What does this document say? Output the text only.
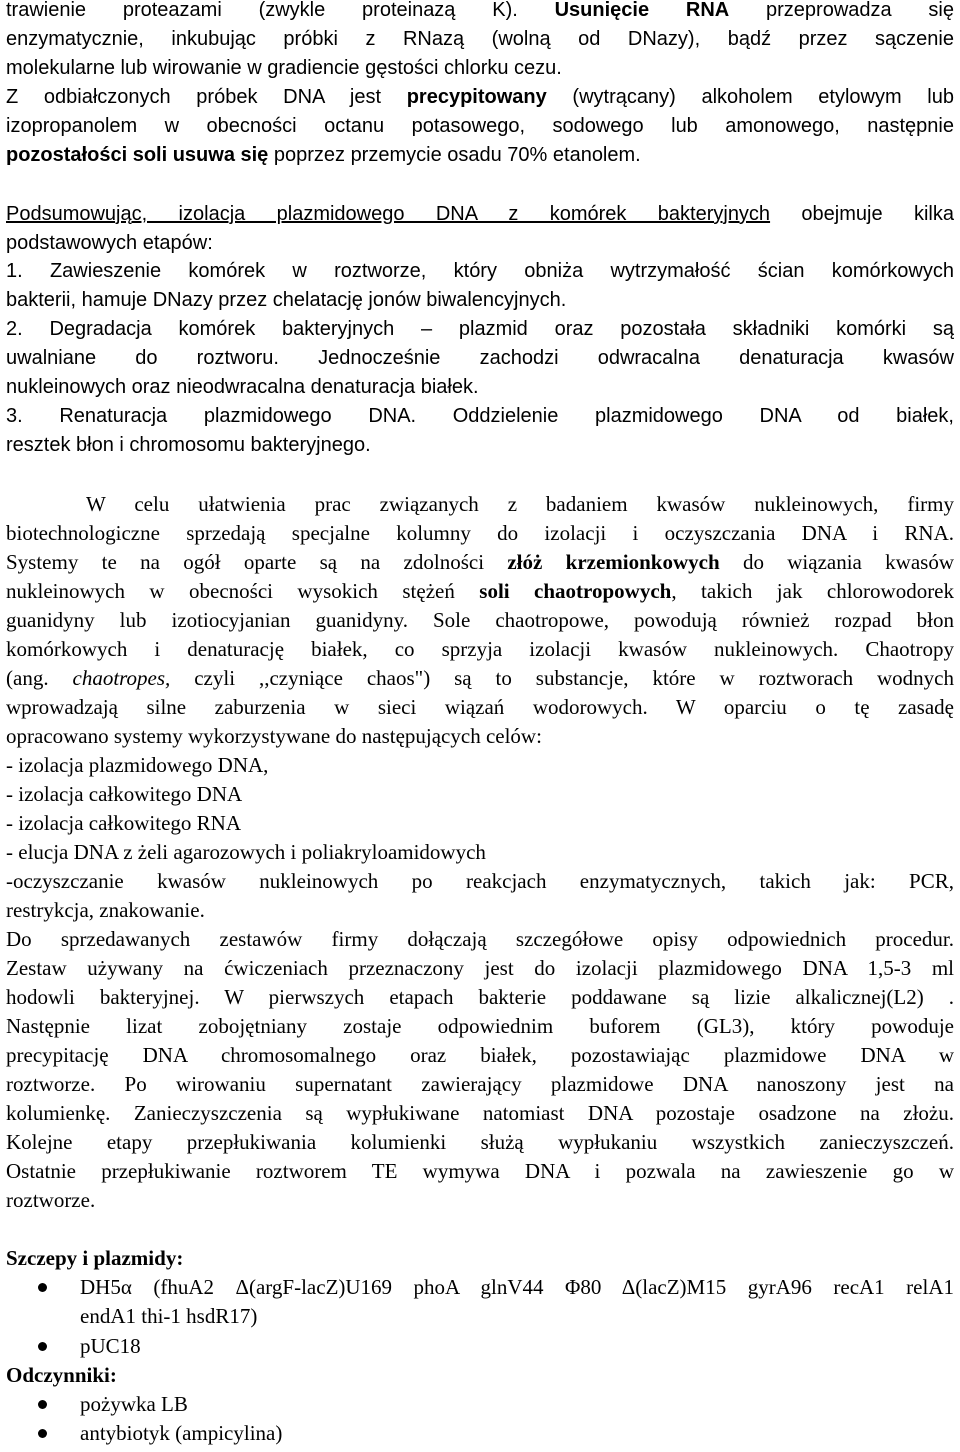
trawienie proteazami (zwykle proteinazą K). Usunięcie RNA przeprowadza się
enzymatycznie, inkubując próbki z RNazą (wolną od DNazy), bądź przez sączenie
molekularne lub wirowanie w gradiencie gęstości chlorku cezu.
Z odbiałczonych próbek DNA jest precypitowany (wytrącany) alkoholem etylowym lub
izopropanolem w obecności octanu potasowego, sodowego lub amonowego, następnie
pozostałości soli usuwa się poprzez przemycie osadu 70% etanolem.
Podsumowując, izolacja plazmidowego DNA z komórek bakteryjnych obejmuje kilka
podstawowych etapów:
1. Zawieszenie komórek w roztworze, który obniża wytrzymałość ścian komórkowych
bakterii, hamuje DNazy przez chelatację jonów biwalencyjnych.
2. Degradacja komórek bakteryjnych – plazmid oraz pozostała składniki komórki są
uwalniane do roztworu. Jednocześnie zachodzi odwracalna denaturacja kwasów
nukleinowych oraz nieodwracalna denaturacja białek.
3. Renaturacja plazmidowego DNA. Oddzielenie plazmidowego DNA od białek,
resztek błon i chromosomu bakteryjnego.
W celu ułatwienia prac związanych z badaniem kwasów nukleinowych, firmy
biotechnologiczne sprzedają specjalne kolumny do izolacji i oczyszczania DNA i RNA.
Systemy te na ogół oparte są na zdolności złóż krzemionkowych do wiązania kwasów
nukleinowych w obecności wysokich stężeń soli chaotropowych, takich jak chlorowodorek
guanidyny lub izotiocyjanian guanidyny. Sole chaotropowe, powodują również rozpad błon
komórkowych i denaturację białek, co sprzyja izolacji kwasów nukleinowych. Chaotropy
(ang. chaotropes, czyli ,,czyniące chaos") są to substancje, które w roztworach wodnych
wprowadzają silne zaburzenia w sieci wiązań wodorowych. W oparciu o tę zasadę
opracowano systemy wykorzystywane do następujących celów:
- izolacja plazmidowego DNA,
- izolacja całkowitego DNA
- izolacja całkowitego RNA
- elucja DNA z żeli agarozowych i poliakryloamidowych
-oczyszczanie kwasów nukleinowych po reakcjach enzymatycznych, takich jak: PCR,
restrykcja, znakowanie.
Do sprzedawanych zestawów firmy dołączają szczegółowe opisy odpowiednich procedur.
Zestaw używany na ćwiczeniach przeznaczony jest do izolacji plazmidowego DNA 1,5-3 ml
hodowli bakteryjnej. W pierwszych etapach bakterie poddawane są lizie alkalicznej(L2) .
Następnie lizat zobojętniany zostaje odpowiednim buforem (GL3), który powoduje
precypitację DNA chromosomalnego oraz białek, pozostawiając plazmidowe DNA w
roztworze. Po wirowaniu supernatant zawierający plazmidowe DNA nanoszony jest na
kolumienkę. Zanieczyszczenia są wypłukiwane natomiast DNA pozostaje osadzone na złożu.
Kolejne etapy przepłukiwania kolumienki służą wypłukaniu wszystkich zanieczyszczeń.
Ostatnie przepłukiwanie roztworem TE wymywa DNA i pozwala na zawieszenie go w
roztworze.
Szczepy i plazmidy:
DH5α (fhuA2 Δ(argF-lacZ)U169 phoA glnV44 Φ80 Δ(lacZ)M15 gyrA96 recA1 relA1
endA1 thi-1 hsdR17)
pUC18
Odczynniki:
pożywka LB
antybiotyk (ampicylina)
